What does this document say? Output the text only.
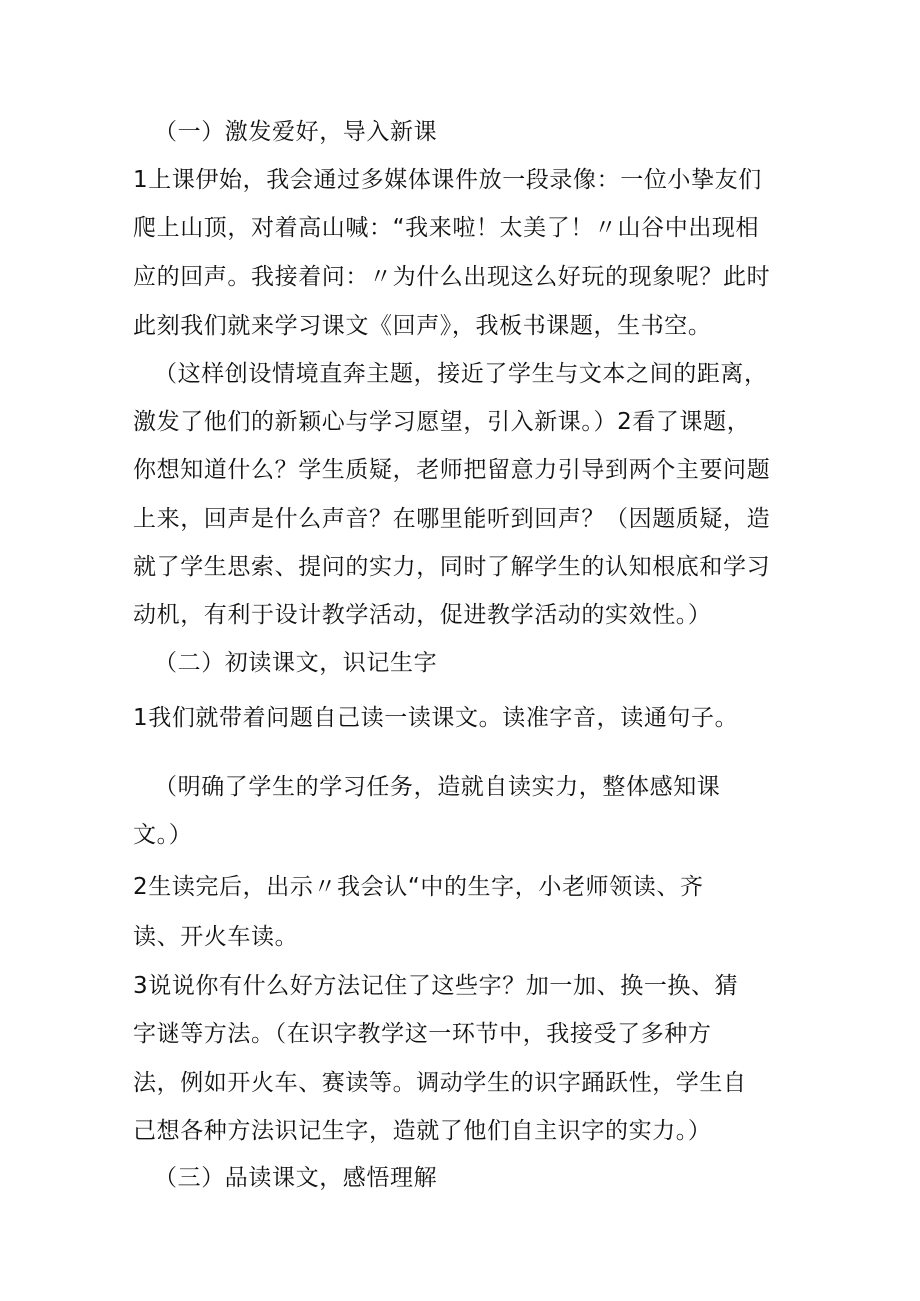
（一）激发爱好，导入新课
1上课伊始，我会通过多媒体课件放一段录像：一位小挚友们
爬上山顶，对着高山喊：“我来啦！太美了！〃山谷中出现相
应的回声。我接着问：〃为什么出现这么好玩的现象呢？此时
此刻我们就来学习课文《回声》，我板书课题，生书空。
（这样创设情境直奔主题，接近了学生与文本之间的距离，
激发了他们的新颖心与学习愿望，引入新课。）2看了课题，
你想知道什么？学生质疑，老师把留意力引导到两个主要问题
上来，回声是什么声音？在哪里能听到回声？（因题质疑，造
就了学生思索、提问的实力，同时了解学生的认知根底和学习
动机，有利于设计教学活动，促进教学活动的实效性。）
（二）初读课文，识记生字
1我们就带着问题自己读一读课文。读准字音，读通句子。
（明确了学生的学习任务，造就自读实力，整体感知课
文。）
2生读完后，出示〃我会认“中的生字，小老师领读、齐
读、开火车读。
3说说你有什么好方法记住了这些字？加一加、换一换、猜
字谜等方法。（在识字教学这一环节中，我接受了多种方
法，例如开火车、赛读等。调动学生的识字踊跃性，学生自
己想各种方法识记生字，造就了他们自主识字的实力。）
（三）品读课文，感悟理解
